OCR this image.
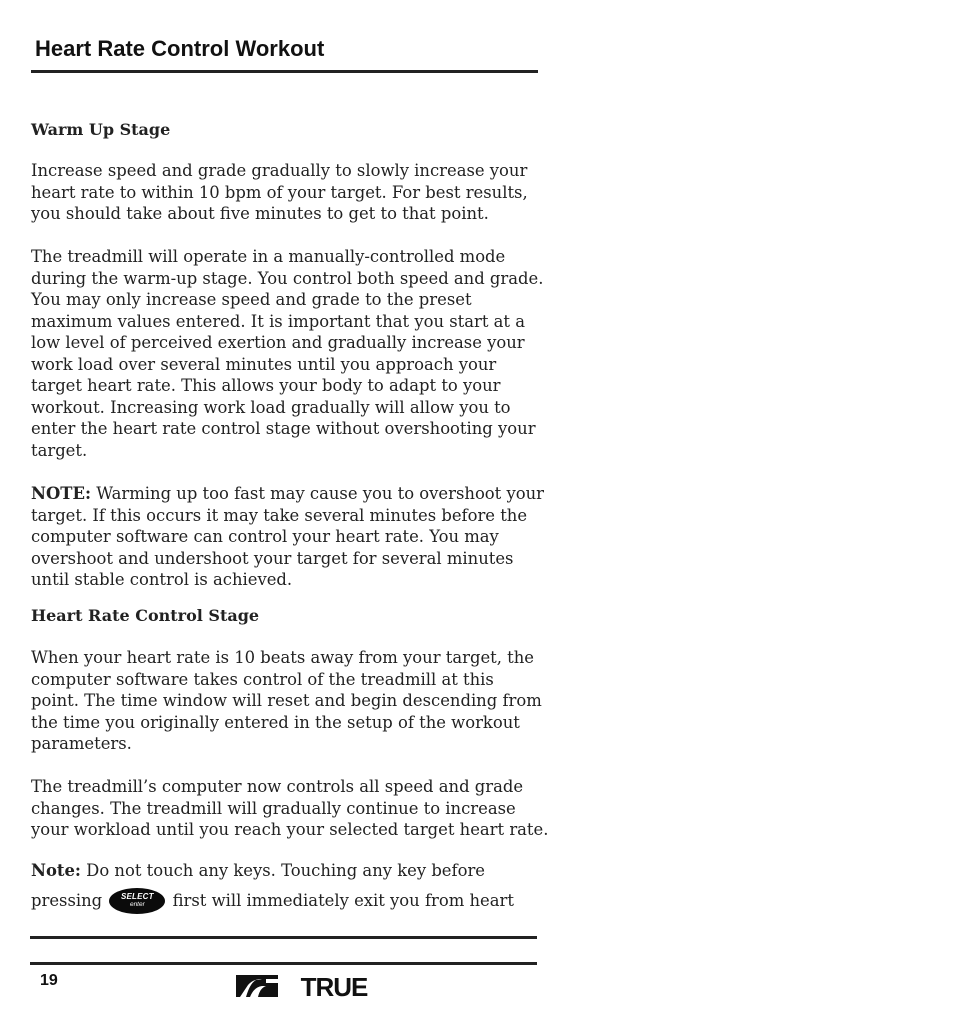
Heart Rate Control Workout
Warm Up Stage
Increase speed and grade gradually to slowly increase your
heart rate to within 10 bpm of your target. For best results,
you should take about five minutes to get to that point.
The treadmill will operate in a manually-controlled mode
during the warm-up stage. You control both speed and grade.
You may only increase speed and grade to the preset
maximum values entered. It is important that you start at a
low level of perceived exertion and gradually increase your
work load over several minutes until you approach your
target heart rate. This allows your body to adapt to your
workout. Increasing work load gradually will allow you to
enter the heart rate control stage without overshooting your
target.
NOTE: Warming up too fast may cause you to overshoot your
target. If this occurs it may take several minutes before the
computer software can control your heart rate. You may
overshoot and undershoot your target for several minutes
until stable control is achieved.
Heart Rate Control Stage
When your heart rate is 10 beats away from your target, the
computer software takes control of the treadmill at this
point. The time window will reset and begin descending from
the time you originally entered in the setup of the workout
parameters.
The treadmill’s computer now controls all speed and grade
changes. The treadmill will gradually continue to increase
your workload until you reach your selected target heart rate.
Note: Do not touch any keys. Touching any key before
pressing	SELECT
enter	first will immediately exit you from heart
19	TRUE
